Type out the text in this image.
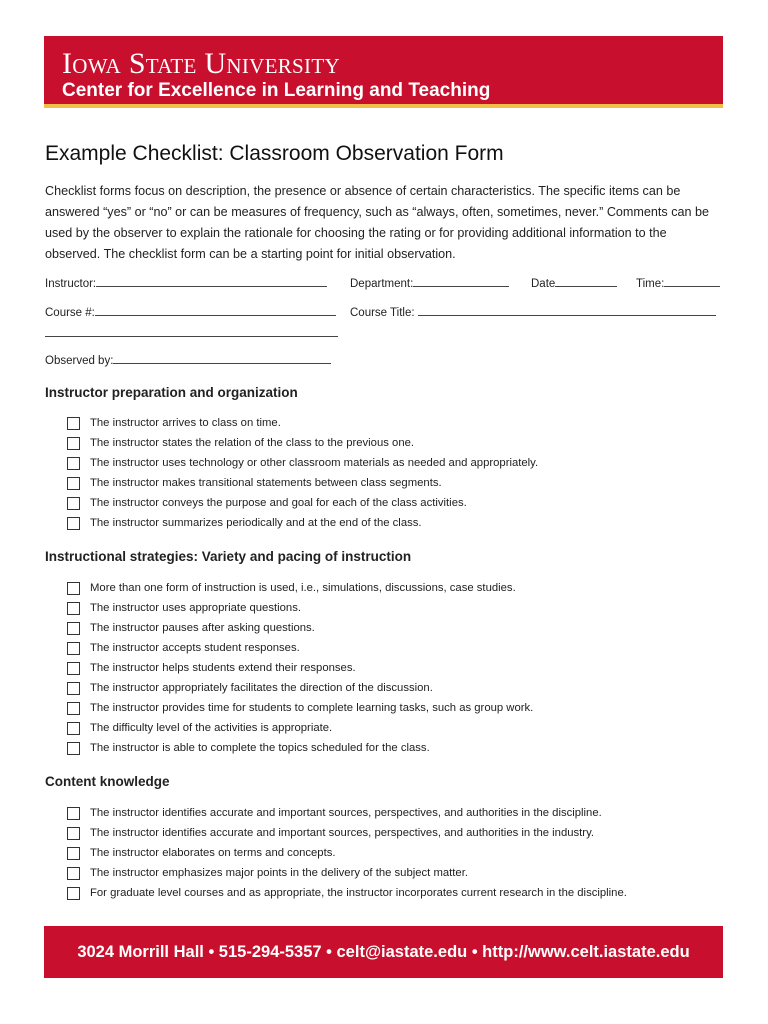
Iowa State University
Center for Excellence in Learning and Teaching
Example Checklist: Classroom Observation Form

Checklist forms focus on description, the presence or absence of certain characteristics. The specific items can be answered “yes” or “no” or can be measures of frequency, such as “always, often, sometimes, never.” Comments can be used by the observer to explain the rationale for choosing the rating or for providing additional information to the observed. The checklist form can be a starting point for initial observation.

Instructor:	Department:	Date	Time:
Course #:	Course Title:
Observed by:
Instructor preparation and organization
The instructor arrives to class on time.
The instructor states the relation of the class to the previous one.
The instructor uses technology or other classroom materials as needed and appropriately.
The instructor makes transitional statements between class segments.
The instructor conveys the purpose and goal for each of the class activities.
The instructor summarizes periodically and at the end of the class.
Instructional strategies: Variety and pacing of instruction
More than one form of instruction is used, i.e., simulations, discussions, case studies.
The instructor uses appropriate questions.
The instructor pauses after asking questions.
The instructor accepts student responses.
The instructor helps students extend their responses.
The instructor appropriately facilitates the direction of the discussion.
The instructor provides time for students to complete learning tasks, such as group work.
The difficulty level of the activities is appropriate.
The instructor is able to complete the topics scheduled for the class.
Content knowledge
The instructor identifies accurate and important sources, perspectives, and authorities in the discipline.
The instructor identifies accurate and important sources, perspectives, and authorities in the industry.
The instructor elaborates on terms and concepts.
The instructor emphasizes major points in the delivery of the subject matter.
For graduate level courses and as appropriate, the instructor incorporates current research in the discipline.
3024 Morrill Hall • 515-294-5357 • celt@iastate.edu • http://www.celt.iastate.edu
